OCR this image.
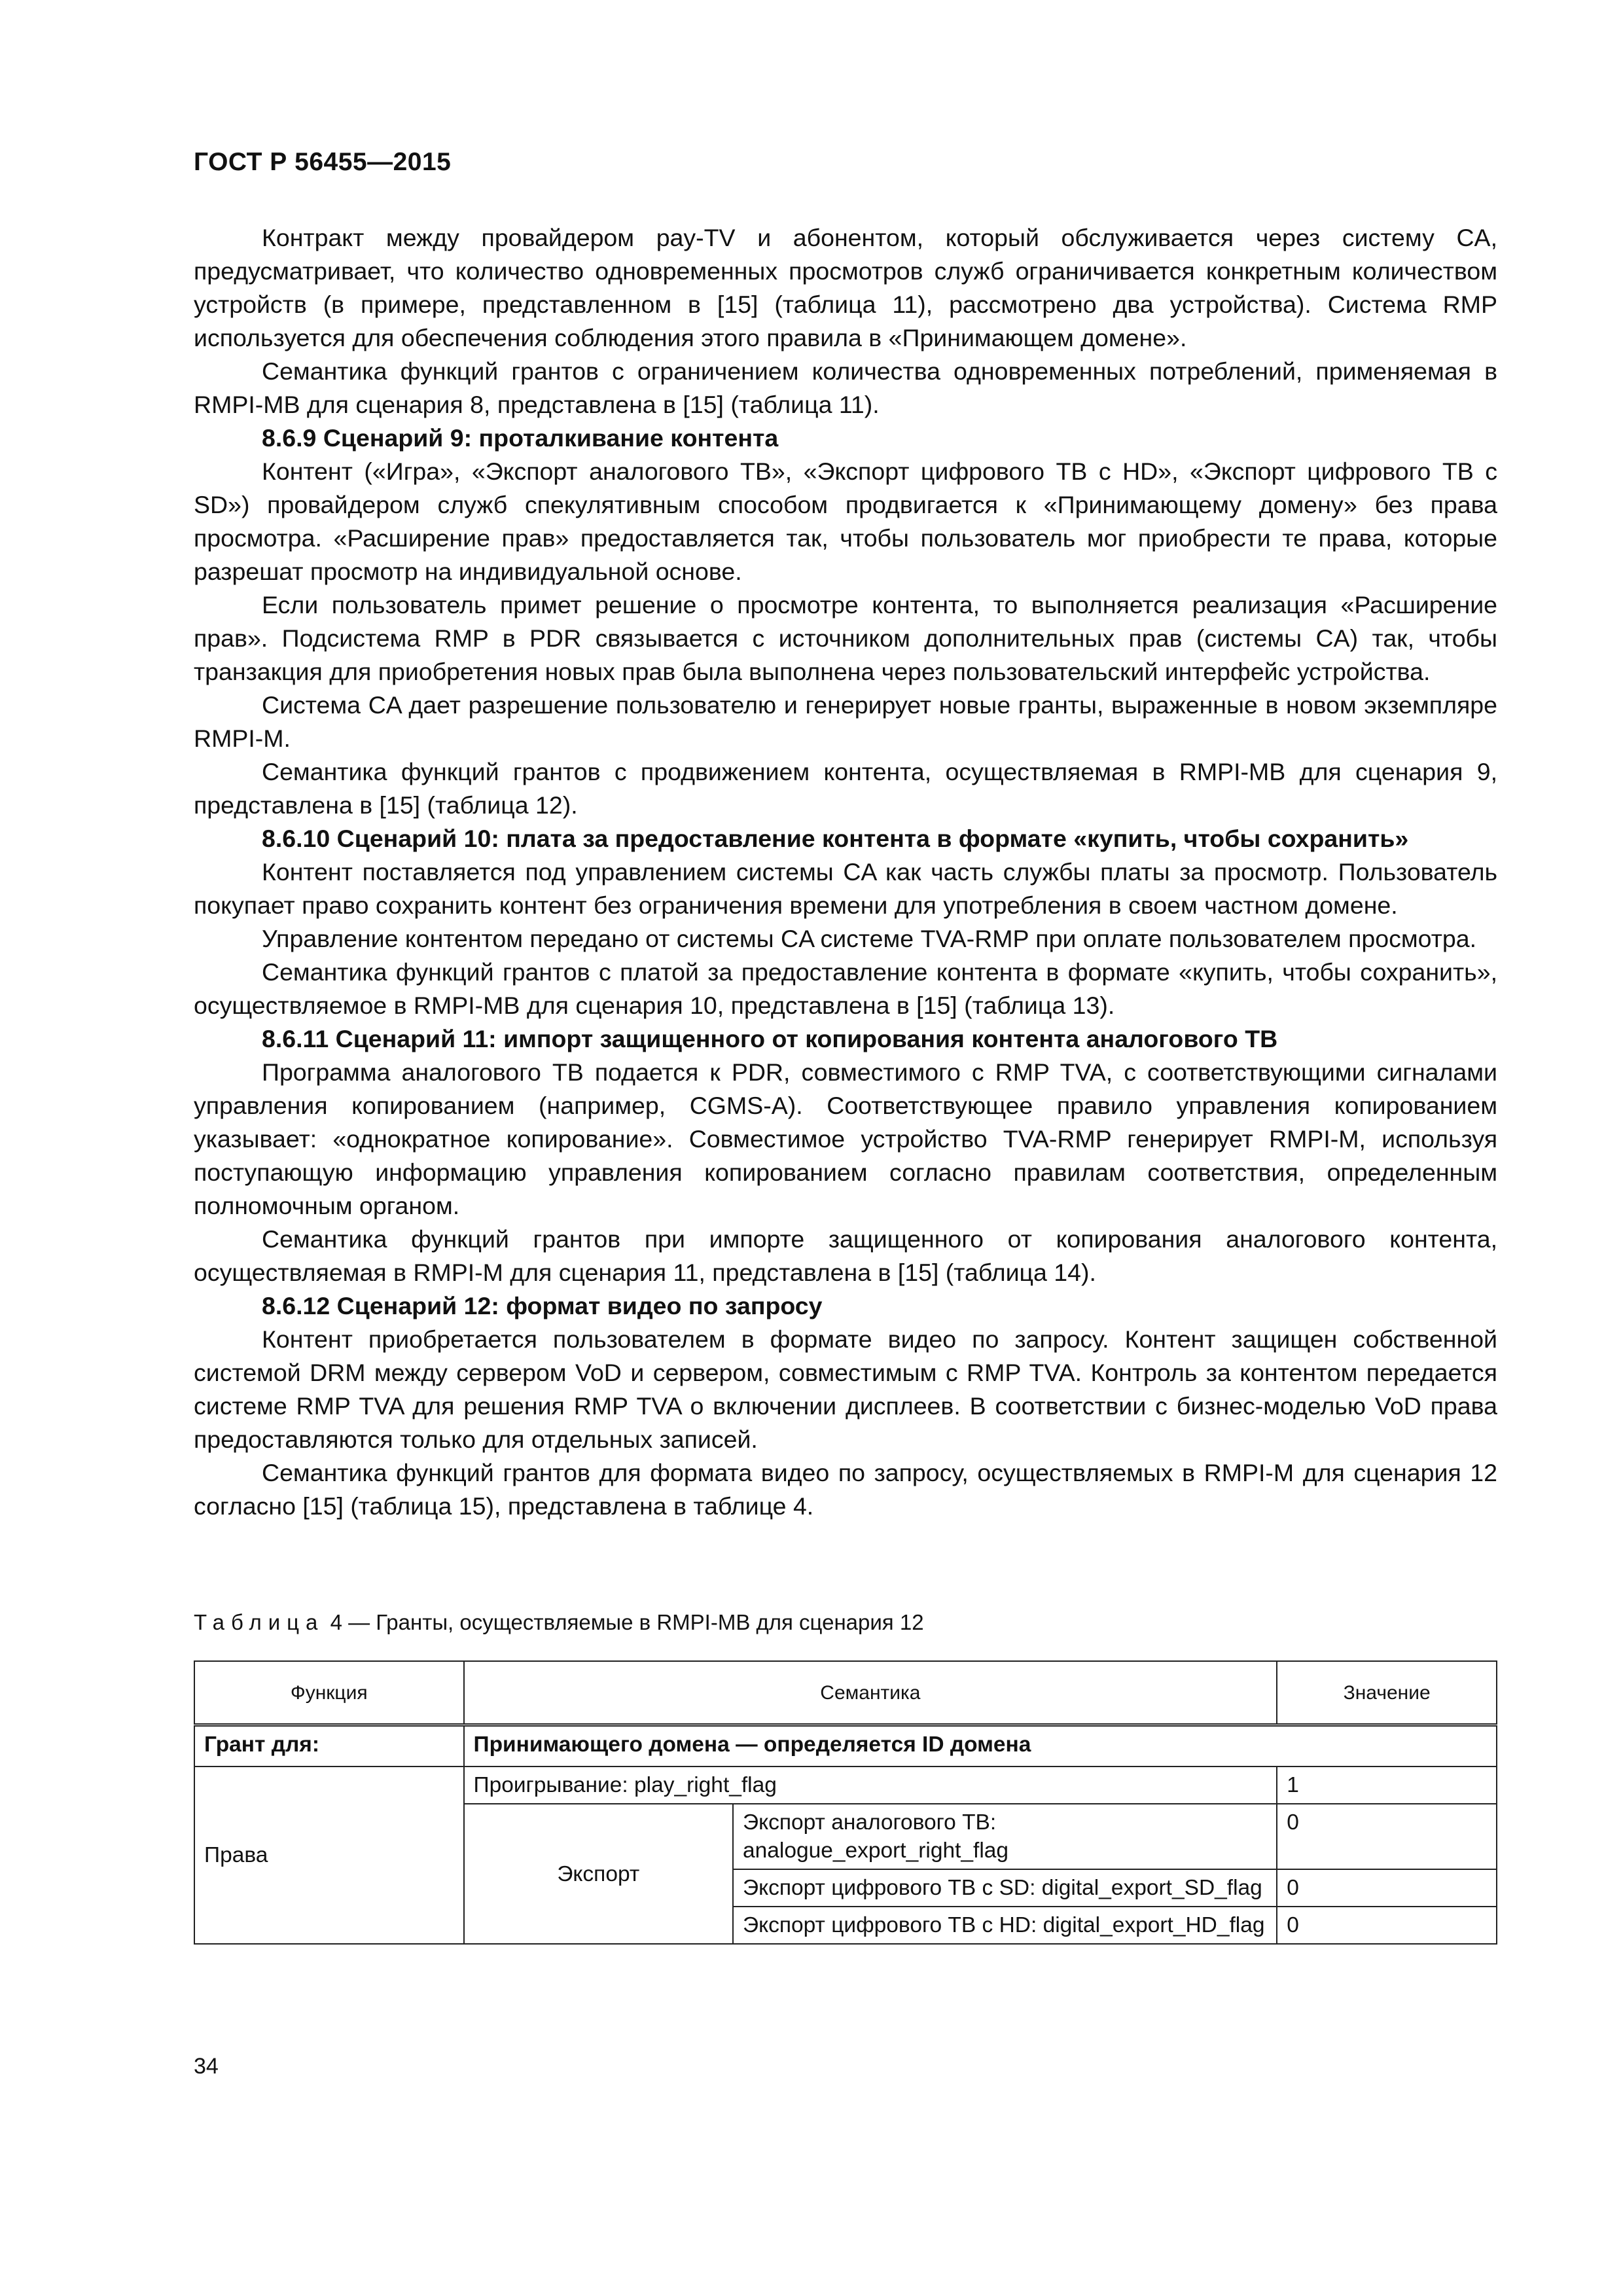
ГОСТ Р 56455—2015

Контракт между провайдером pay-TV и абонентом, который обслуживается через систему CA, предусматривает, что количество одновременных просмотров служб ограничивается конкретным количеством устройств (в примере, представленном в [15] (таблица 11), рассмотрено два устройства). Система RMP используется для обеспечения соблюдения этого правила в «Принимающем домене».

Семантика функций грантов с ограничением количества одновременных потреблений, применяемая в RMPI-MB для сценария 8, представлена в [15] (таблица 11).

8.6.9 Сценарий 9: проталкивание контента

Контент («Игра», «Экспорт аналогового ТВ», «Экспорт цифрового ТВ с HD», «Экспорт цифрового ТВ с SD») провайдером служб спекулятивным способом продвигается к «Принимающему домену» без права просмотра. «Расширение прав» предоставляется так, чтобы пользователь мог приобрести те права, которые разрешат просмотр на индивидуальной основе.

Если пользователь примет решение о просмотре контента, то выполняется реализация «Расширение прав». Подсистема RMP в PDR связывается с источником дополнительных прав (системы CA) так, чтобы транзакция для приобретения новых прав была выполнена через пользовательский интерфейс устройства.

Система CA дает разрешение пользователю и генерирует новые гранты, выраженные в новом экземпляре RMPI-M.

Семантика функций грантов с продвижением контента, осуществляемая в RMPI-MB для сценария 9, представлена в [15] (таблица 12).

8.6.10 Сценарий 10: плата за предоставление контента в формате «купить, чтобы сохранить»

Контент поставляется под управлением системы CA как часть службы платы за просмотр. Пользователь покупает право сохранить контент без ограничения времени для употребления в своем частном домене.

Управление контентом передано от системы CA системе TVA-RMP при оплате пользователем просмотра.

Семантика функций грантов с платой за предоставление контента в формате «купить, чтобы сохранить», осуществляемое в RMPI-MB для сценария 10, представлена в [15] (таблица 13).

8.6.11 Сценарий 11: импорт защищенного от копирования контента аналогового ТВ

Программа аналогового ТВ подается к PDR, совместимого с RMP TVA, с соответствующими сигналами управления копированием (например, CGMS-A). Соответствующее правило управления копированием указывает: «однократное копирование». Совместимое устройство TVA-RMP генерирует RMPI-M, используя поступающую информацию управления копированием согласно правилам соответствия, определенным полномочным органом.

Семантика функций грантов при импорте защищенного от копирования аналогового контента, осуществляемая в RMPI-M для сценария 11, представлена в [15] (таблица 14).

8.6.12 Сценарий 12: формат видео по запросу

Контент приобретается пользователем в формате видео по запросу. Контент защищен собственной системой DRM между сервером VoD и сервером, совместимым с RMP TVA. Контроль за контентом передается системе RMP TVA для решения RMP TVA о включении дисплеев. В соответствии с бизнес-моделью VoD права предоставляются только для отдельных записей.

Семантика функций грантов для формата видео по запросу, осуществляемых в RMPI-M для сценария 12 согласно [15] (таблица 15), представлена в таблице 4.

Таблица 4 — Гранты, осуществляемые в RMPI-MB для сценария 12
Функция	Семантика		Значение
Грант для:	Принимающего домена — определяется ID домена		
Права	Проигрывание: play_right_flag		1
	Экспорт	Экспорт аналогового ТВ: analogue_export_right_flag	0
		Экспорт цифрового ТВ с SD: digital_export_SD_flag	0
		Экспорт цифрового ТВ с HD: digital_export_HD_flag	0
34
